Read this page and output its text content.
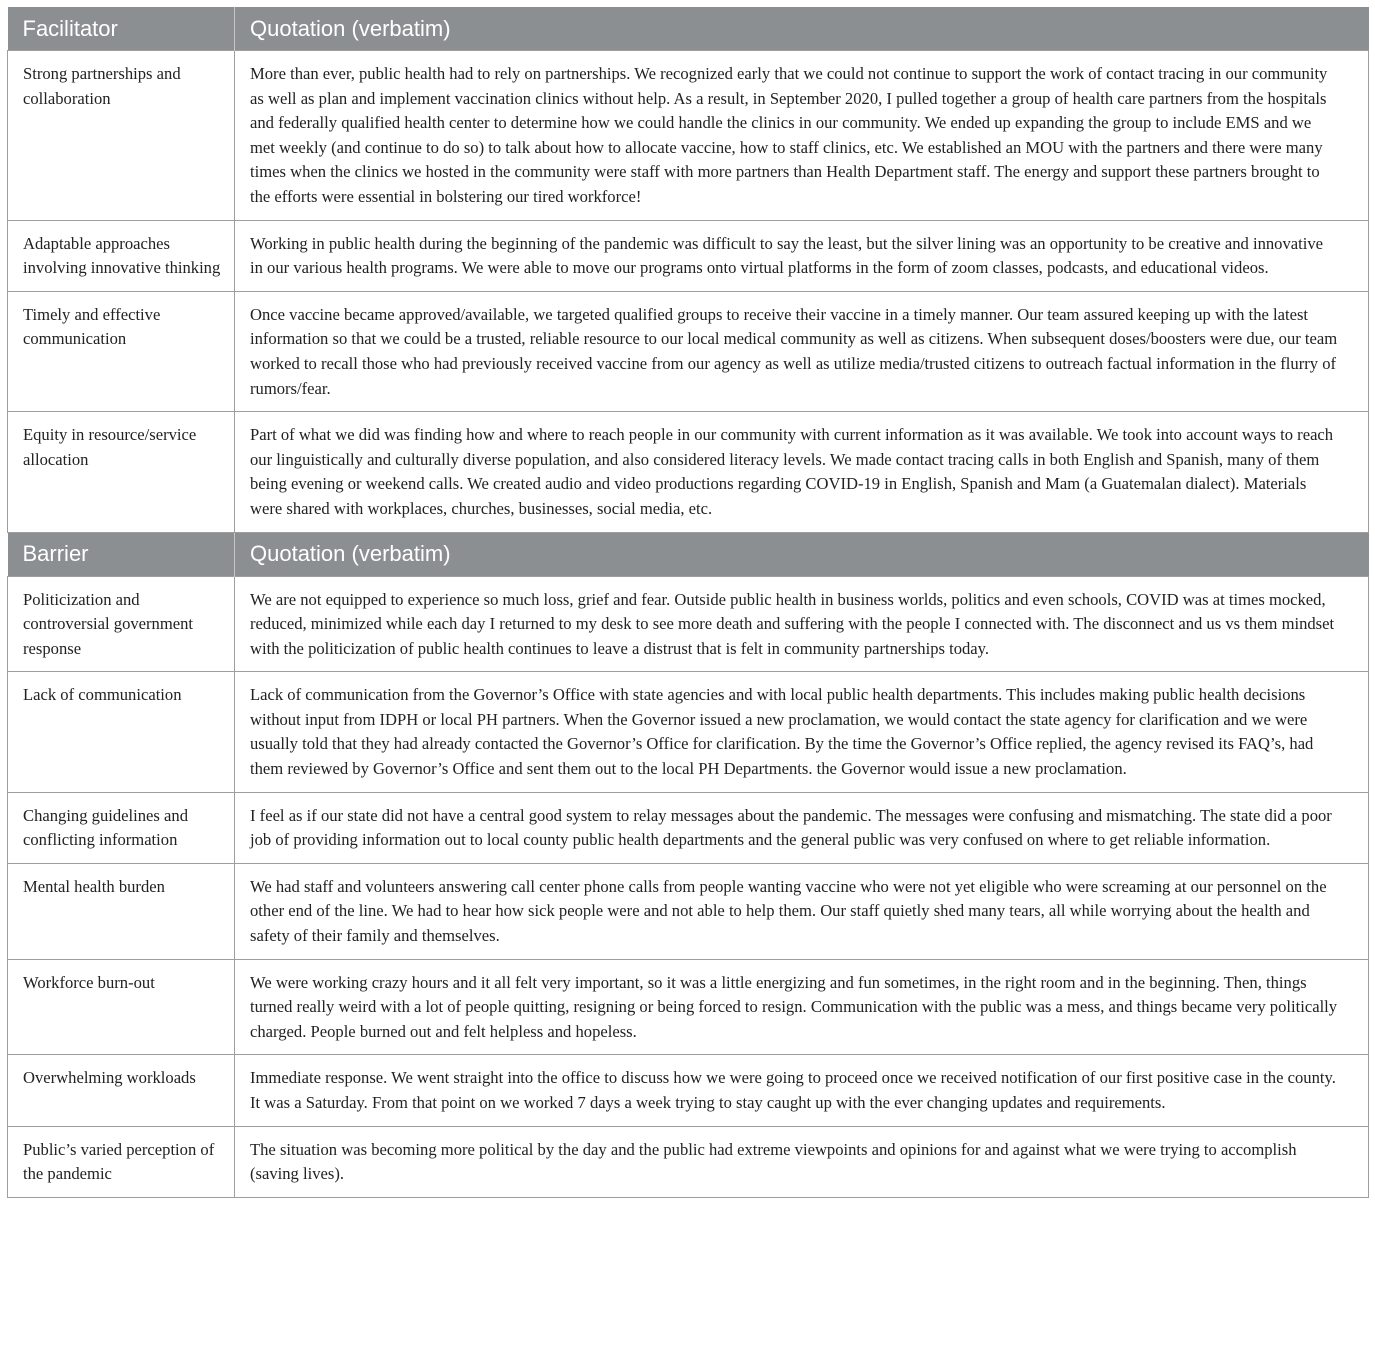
Facilitator	Quotation (verbatim)
Strong partnerships and collaboration	More than ever, public health had to rely on partnerships. We recognized early that we could not continue to support the work of contact tracing in our community as well as plan and implement vaccination clinics without help. As a result, in September 2020, I pulled together a group of health care partners from the hospitals and federally qualified health center to determine how we could handle the clinics in our community. We ended up expanding the group to include EMS and we met weekly (and continue to do so) to talk about how to allocate vaccine, how to staff clinics, etc. We established an MOU with the partners and there were many times when the clinics we hosted in the community were staff with more partners than Health Department staff. The energy and support these partners brought to the efforts were essential in bolstering our tired workforce!
Adaptable approaches involving innovative thinking	Working in public health during the beginning of the pandemic was difficult to say the least, but the silver lining was an opportunity to be creative and innovative in our various health programs. We were able to move our programs onto virtual platforms in the form of zoom classes, podcasts, and educational videos.
Timely and effective communication	Once vaccine became approved/available, we targeted qualified groups to receive their vaccine in a timely manner. Our team assured keeping up with the latest information so that we could be a trusted, reliable resource to our local medical community as well as citizens. When subsequent doses/boosters were due, our team worked to recall those who had previously received vaccine from our agency as well as utilize media/trusted citizens to outreach factual information in the flurry of rumors/fear.
Equity in resource/service allocation	Part of what we did was finding how and where to reach people in our community with current information as it was available. We took into account ways to reach our linguistically and culturally diverse population, and also considered literacy levels. We made contact tracing calls in both English and Spanish, many of them being evening or weekend calls. We created audio and video productions regarding COVID-19 in English, Spanish and Mam (a Guatemalan dialect). Materials were shared with workplaces, churches, businesses, social media, etc.
Barrier	Quotation (verbatim)
Politicization and controversial government response	We are not equipped to experience so much loss, grief and fear. Outside public health in business worlds, politics and even schools, COVID was at times mocked, reduced, minimized while each day I returned to my desk to see more death and suffering with the people I connected with. The disconnect and us vs them mindset with the politicization of public health continues to leave a distrust that is felt in community partnerships today.
Lack of communication	Lack of communication from the Governor’s Office with state agencies and with local public health departments. This includes making public health decisions without input from IDPH or local PH partners. When the Governor issued a new proclamation, we would contact the state agency for clarification and we were usually told that they had already contacted the Governor’s Office for clarification. By the time the Governor’s Office replied, the agency revised its FAQ’s, had them reviewed by Governor’s Office and sent them out to the local PH Departments. the Governor would issue a new proclamation.
Changing guidelines and conflicting information	I feel as if our state did not have a central good system to relay messages about the pandemic. The messages were confusing and mismatching. The state did a poor job of providing information out to local county public health departments and the general public was very confused on where to get reliable information.
Mental health burden	We had staff and volunteers answering call center phone calls from people wanting vaccine who were not yet eligible who were screaming at our personnel on the other end of the line. We had to hear how sick people were and not able to help them. Our staff quietly shed many tears, all while worrying about the health and safety of their family and themselves.
Workforce burn-out	We were working crazy hours and it all felt very important, so it was a little energizing and fun sometimes, in the right room and in the beginning. Then, things turned really weird with a lot of people quitting, resigning or being forced to resign. Communication with the public was a mess, and things became very politically charged. People burned out and felt helpless and hopeless.
Overwhelming workloads	Immediate response. We went straight into the office to discuss how we were going to proceed once we received notification of our first positive case in the county. It was a Saturday. From that point on we worked 7 days a week trying to stay caught up with the ever changing updates and requirements.
Public’s varied perception of the pandemic	The situation was becoming more political by the day and the public had extreme viewpoints and opinions for and against what we were trying to accomplish (saving lives).
